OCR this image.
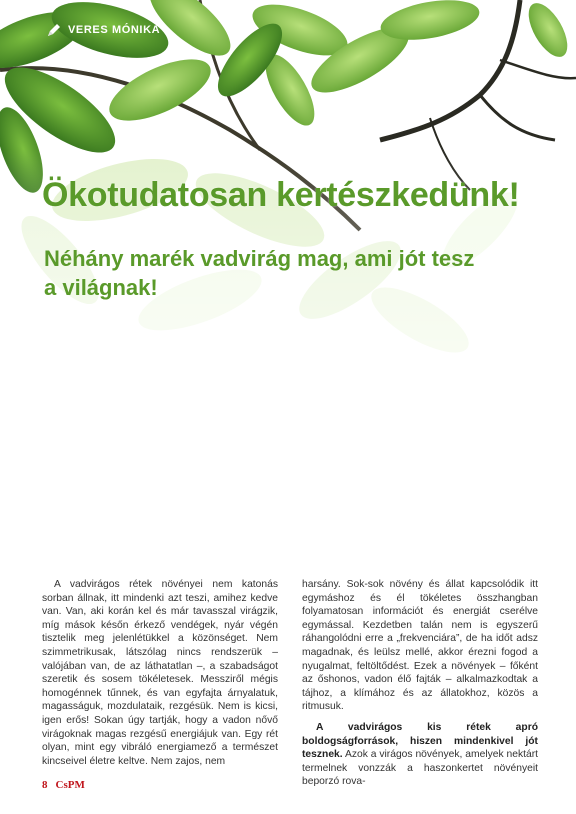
VERES MÓNIKA
Ökotudatosan kertészkedünk!
Néhány marék vadvirág mag, ami jót tesz a világnak!

A vadvirágos rétek növényei nem katonás sorban állnak, itt mindenki azt teszi, amihez kedve van. Van, aki korán kel és már tavasszal virágzik, míg mások későn érkező vendégek, nyár végén tisztelik meg jelenlétükkel a közönséget. Nem szimmetrikusak, látszólag nincs rendszerük – valójában van, de az láthatatlan –, a szabadságot szeretik és sosem tökéletesek. Messziről mégis homogénnek tűnnek, és van egyfajta árnyalatuk, magasságuk, mozdulataik, rezgésük. Nem is kicsi, igen erős! Sokan úgy tartják, hogy a vadon nővő virágoknak magas rezgésű energiájuk van. Egy rét olyan, mint egy vibráló energiamező a természet kincseivel életre keltve. Nem zajos, nem

harsány. Sok-sok növény és állat kapcsolódik itt egymáshoz és él tökéletes összhangban folyamatosan információt és energiát cserélve egymással. Kezdetben talán nem is egyszerű ráhangolódni erre a „frekvenciára”, de ha időt adsz magadnak, és leülsz mellé, akkor érezni fogod a nyugalmat, feltöltődést. Ezek a növények – főként az őshonos, vadon élő fajták – alkalmazkodtak a tájhoz, a klímához és az állatokhoz, közös a ritmusuk.

A vadvirágos kis rétek apró boldogságforrások, hiszen mindenkivel jót tesznek. Azok a virágos növények, amelyek nektárt termelnek vonzzák a haszonkertet növényeit beporzó rova-

8 CsPM
